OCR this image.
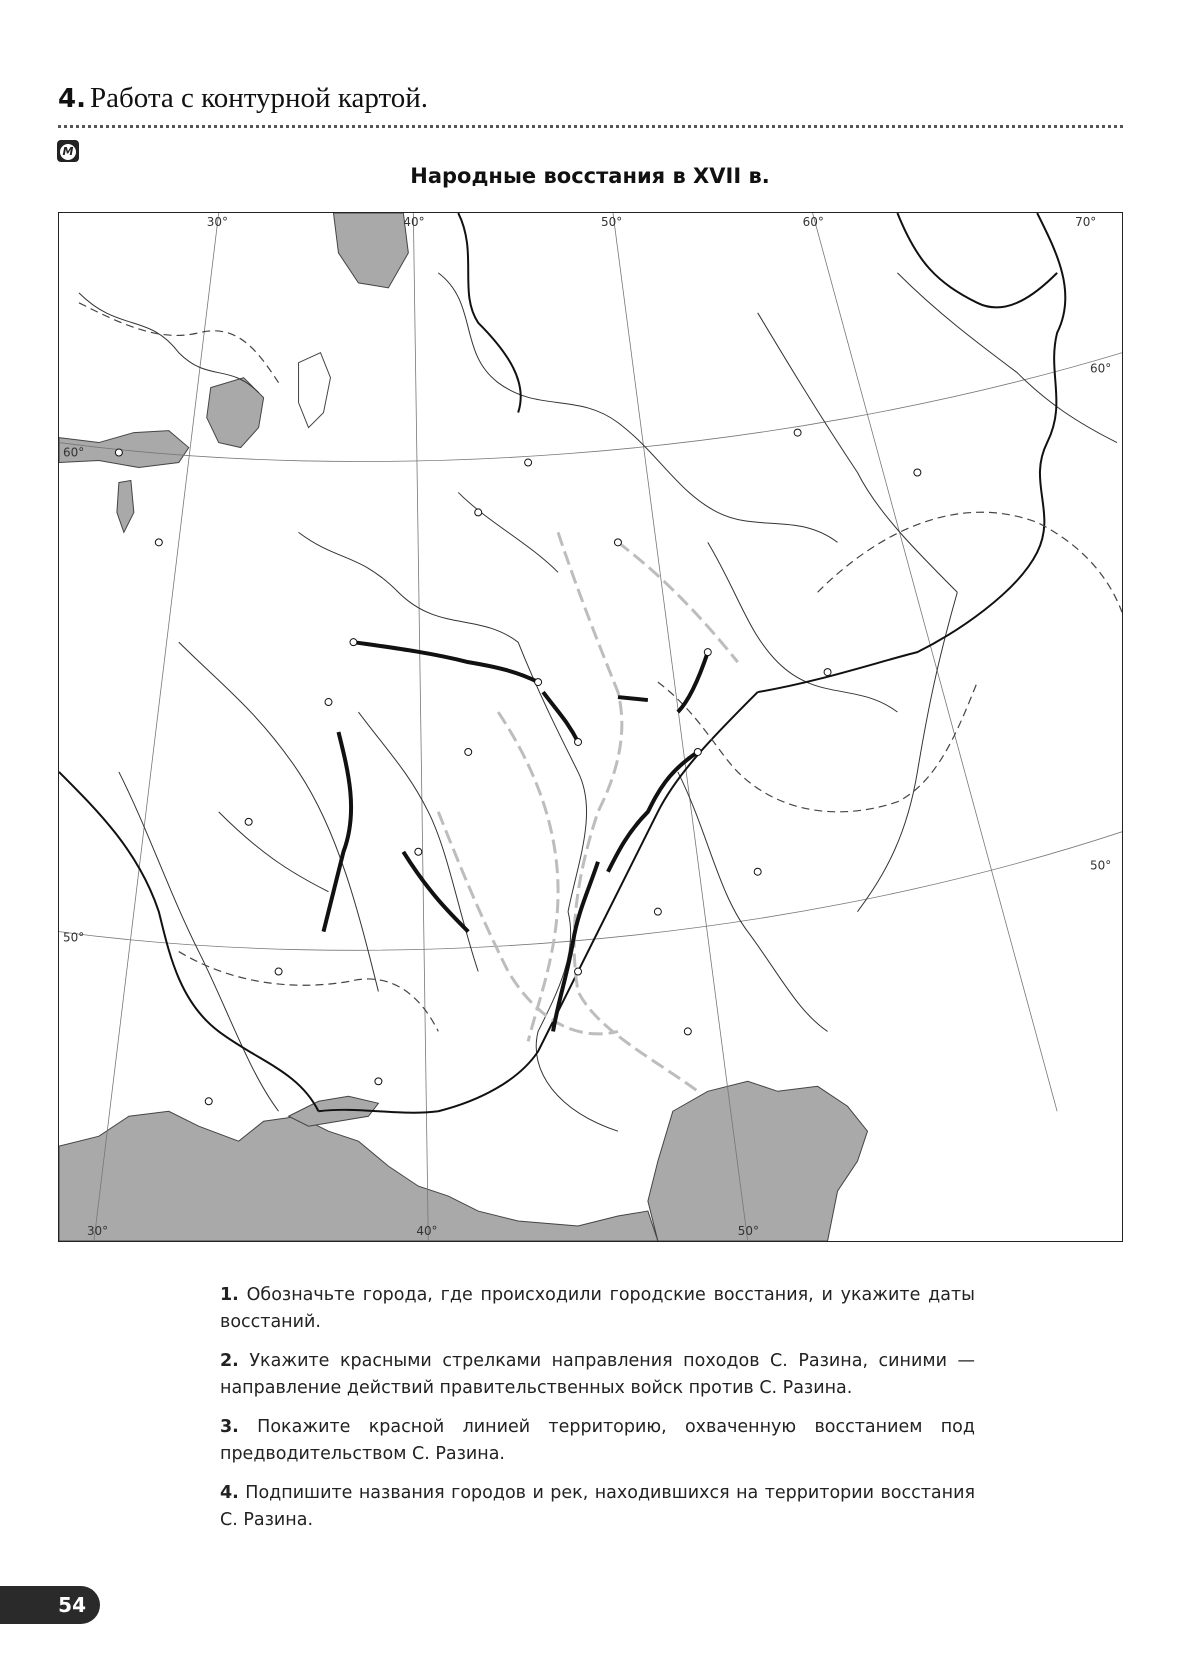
4. Работа с контурной картой.
М
Народные восстания в XVII в.
30°	40°	50°	60°	70°
30°	40°	50°
60°
60°
50°
50°
1. Обозначьте города, где происходили городские восстания, и укажите даты восстаний.
2. Укажите красными стрелками направления походов С. Разина, синими — направление действий правительственных войск против С. Разина.
3. Покажите красной линией территорию, охваченную восстанием под предводительством С. Разина.
4. Подпишите названия городов и рек, находившихся на территории восстания С. Разина.
54
